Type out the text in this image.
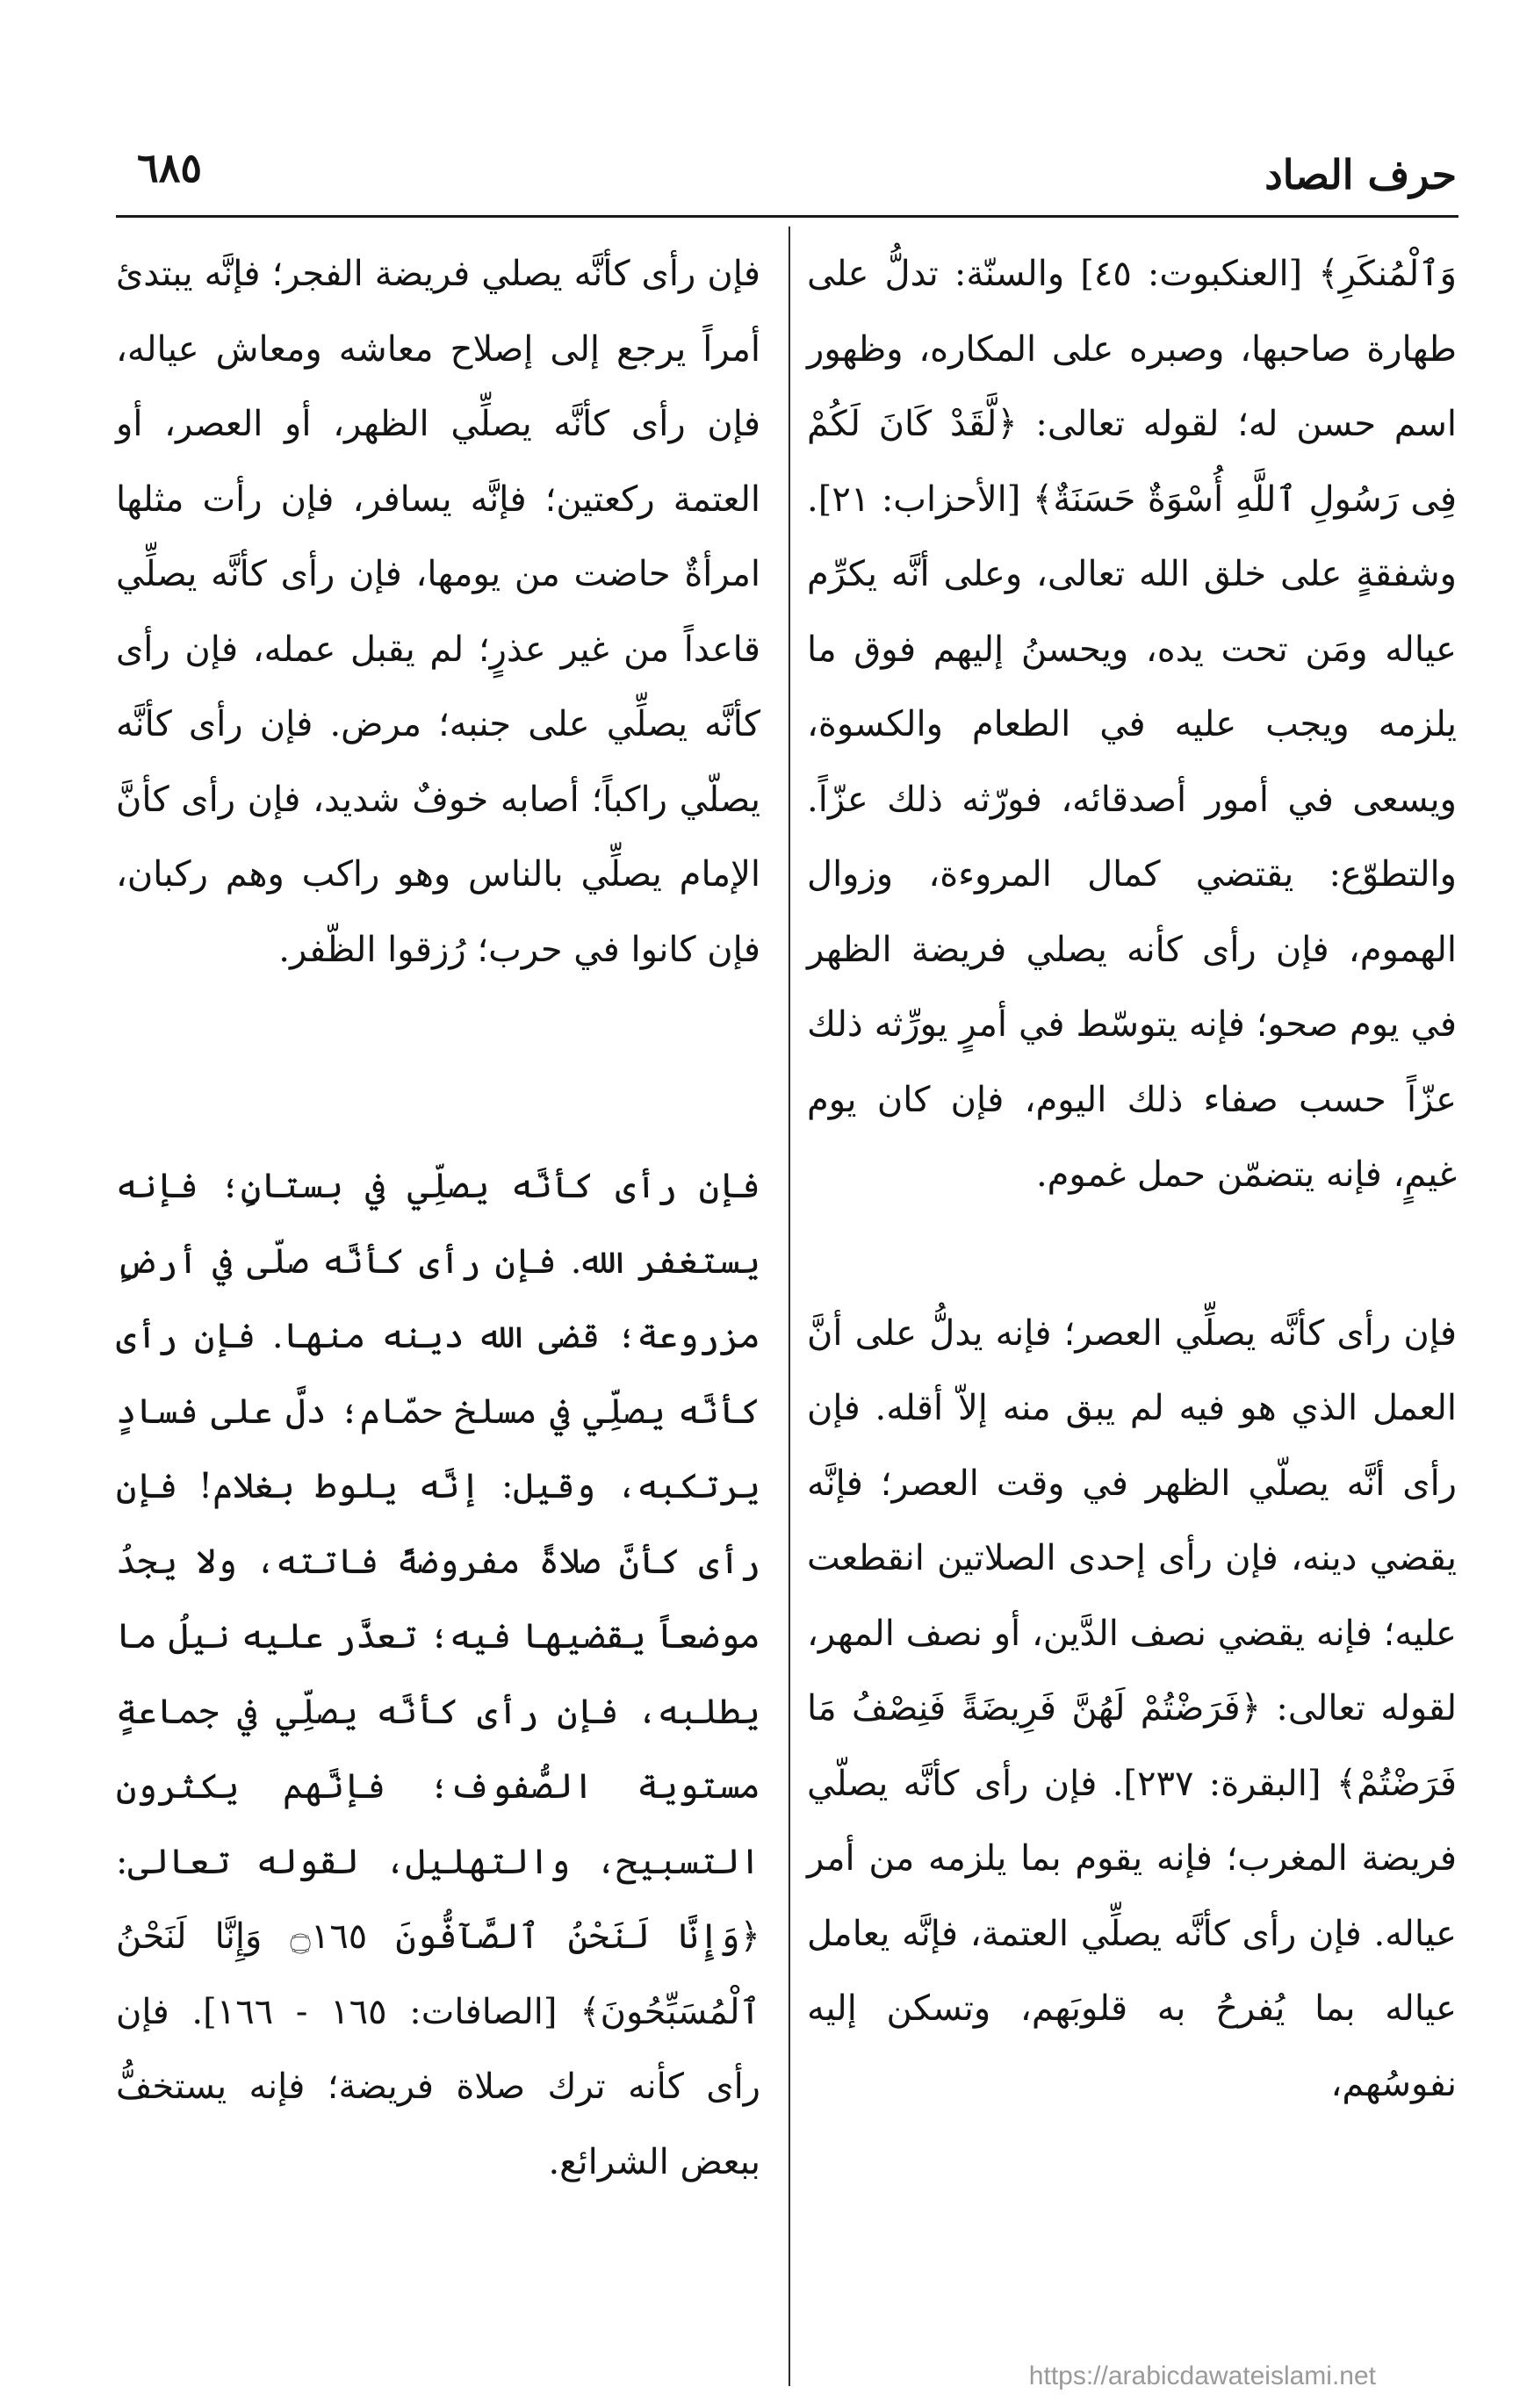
حرف الصاد
٦٨٥

وَٱلْمُنكَرِ﴾ [العنكبوت: ٤٥] والسنّة: تدلُّ على طهارة صاحبها، وصبره على المكاره، وظهور اسم حسن له؛ لقوله تعالى: ﴿لَّقَدْ كَانَ لَكُمْ فِى رَسُولِ ٱللَّهِ أُسْوَةٌ حَسَنَةٌ﴾ [الأحزاب: ٢١]. وشفقةٍ على خلق الله تعالى، وعلى أنَّه يكرِّم عياله ومَن تحت يده، ويحسنُ إليهم فوق ما يلزمه ويجب عليه في الطعام والكسوة، ويسعى في أمور أصدقائه، فورّثه ذلك عزّاً. والتطوّع: يقتضي كمال المروءة، وزوال الهموم، فإن رأى كأنه يصلي فريضة الظهر في يوم صحو؛ فإنه يتوسّط في أمرٍ يورِّثه ذلك عزّاً حسب صفاء ذلك اليوم، فإن كان يوم غيمٍ، فإنه يتضمّن حمل غموم.

فإن رأى كأنَّه يصلِّي العصر؛ فإنه يدلُّ على أنَّ العمل الذي هو فيه لم يبق منه إلاّ أقله. فإن رأى أنَّه يصلّي الظهر في وقت العصر؛ فإنَّه يقضي دينه، فإن رأى إحدى الصلاتين انقطعت عليه؛ فإنه يقضي نصف الدَّين، أو نصف المهر، لقوله تعالى: ﴿فَرَضْتُمْ لَهُنَّ فَرِيضَةً فَنِصْفُ مَا فَرَضْتُمْ﴾ [البقرة: ٢٣٧]. فإن رأى كأنَّه يصلّي فريضة المغرب؛ فإنه يقوم بما يلزمه من أمر عياله. فإن رأى كأنَّه يصلِّي العتمة، فإنَّه يعامل عياله بما يُفرحُ به قلوبَهم، وتسكن إليه نفوسُهم،

فإن رأى كأنَّه يصلي فريضة الفجر؛ فإنَّه يبتدئ أمراً يرجع إلى إصلاح معاشه ومعاش عياله، فإن رأى كأنَّه يصلِّي الظهر، أو العصر، أو العتمة ركعتين؛ فإنَّه يسافر، فإن رأت مثلها امرأةٌ حاضت من يومها، فإن رأى كأنَّه يصلِّي قاعداً من غير عذرٍ؛ لم يقبل عمله، فإن رأى كأنَّه يصلِّي على جنبه؛ مرض. فإن رأى كأنَّه يصلّي راكباً؛ أصابه خوفٌ شديد، فإن رأى كأنَّ الإمام يصلِّي بالناس وهو راكب وهم ركبان، فإن كانوا في حرب؛ رُزقوا الظّفر.

فإن رأى كأنَّه يصلِّي في بستانٍ؛ فإنه يستغفر الله. فإن رأى كأنَّه صلّى في أرضٍ مزروعة؛ قضى الله دينه منها. فإن رأى كأنَّه يصلِّي في مسلخ حمّام؛ دلَّ على فسادٍ يرتكبه، وقيل: إنَّه يلوط بغلام! فإن رأى كأنَّ صلاةً مفروضةً فاتته، ولا يجدُ موضعاً يقضيها فيه؛ تعذَّر عليه نيلُ ما يطلبه، فإن رأى كأنَّه يصلِّي في جماعةٍ مستوية الصُّفوف؛ فإنَّهم يكثرون التسبيح، والتهليل، لقوله تعالى: ﴿وَإِنَّا لَنَحْنُ ٱلصَّآفُّونَ ۝١٦٥ وَإِنَّا لَنَحْنُ ٱلْمُسَبِّحُونَ﴾ [الصافات: ١٦٥ - ١٦٦]. فإن رأى كأنه ترك صلاة فريضة؛ فإنه يستخفُّ ببعض الشرائع.

https://arabicdawateislami.net
